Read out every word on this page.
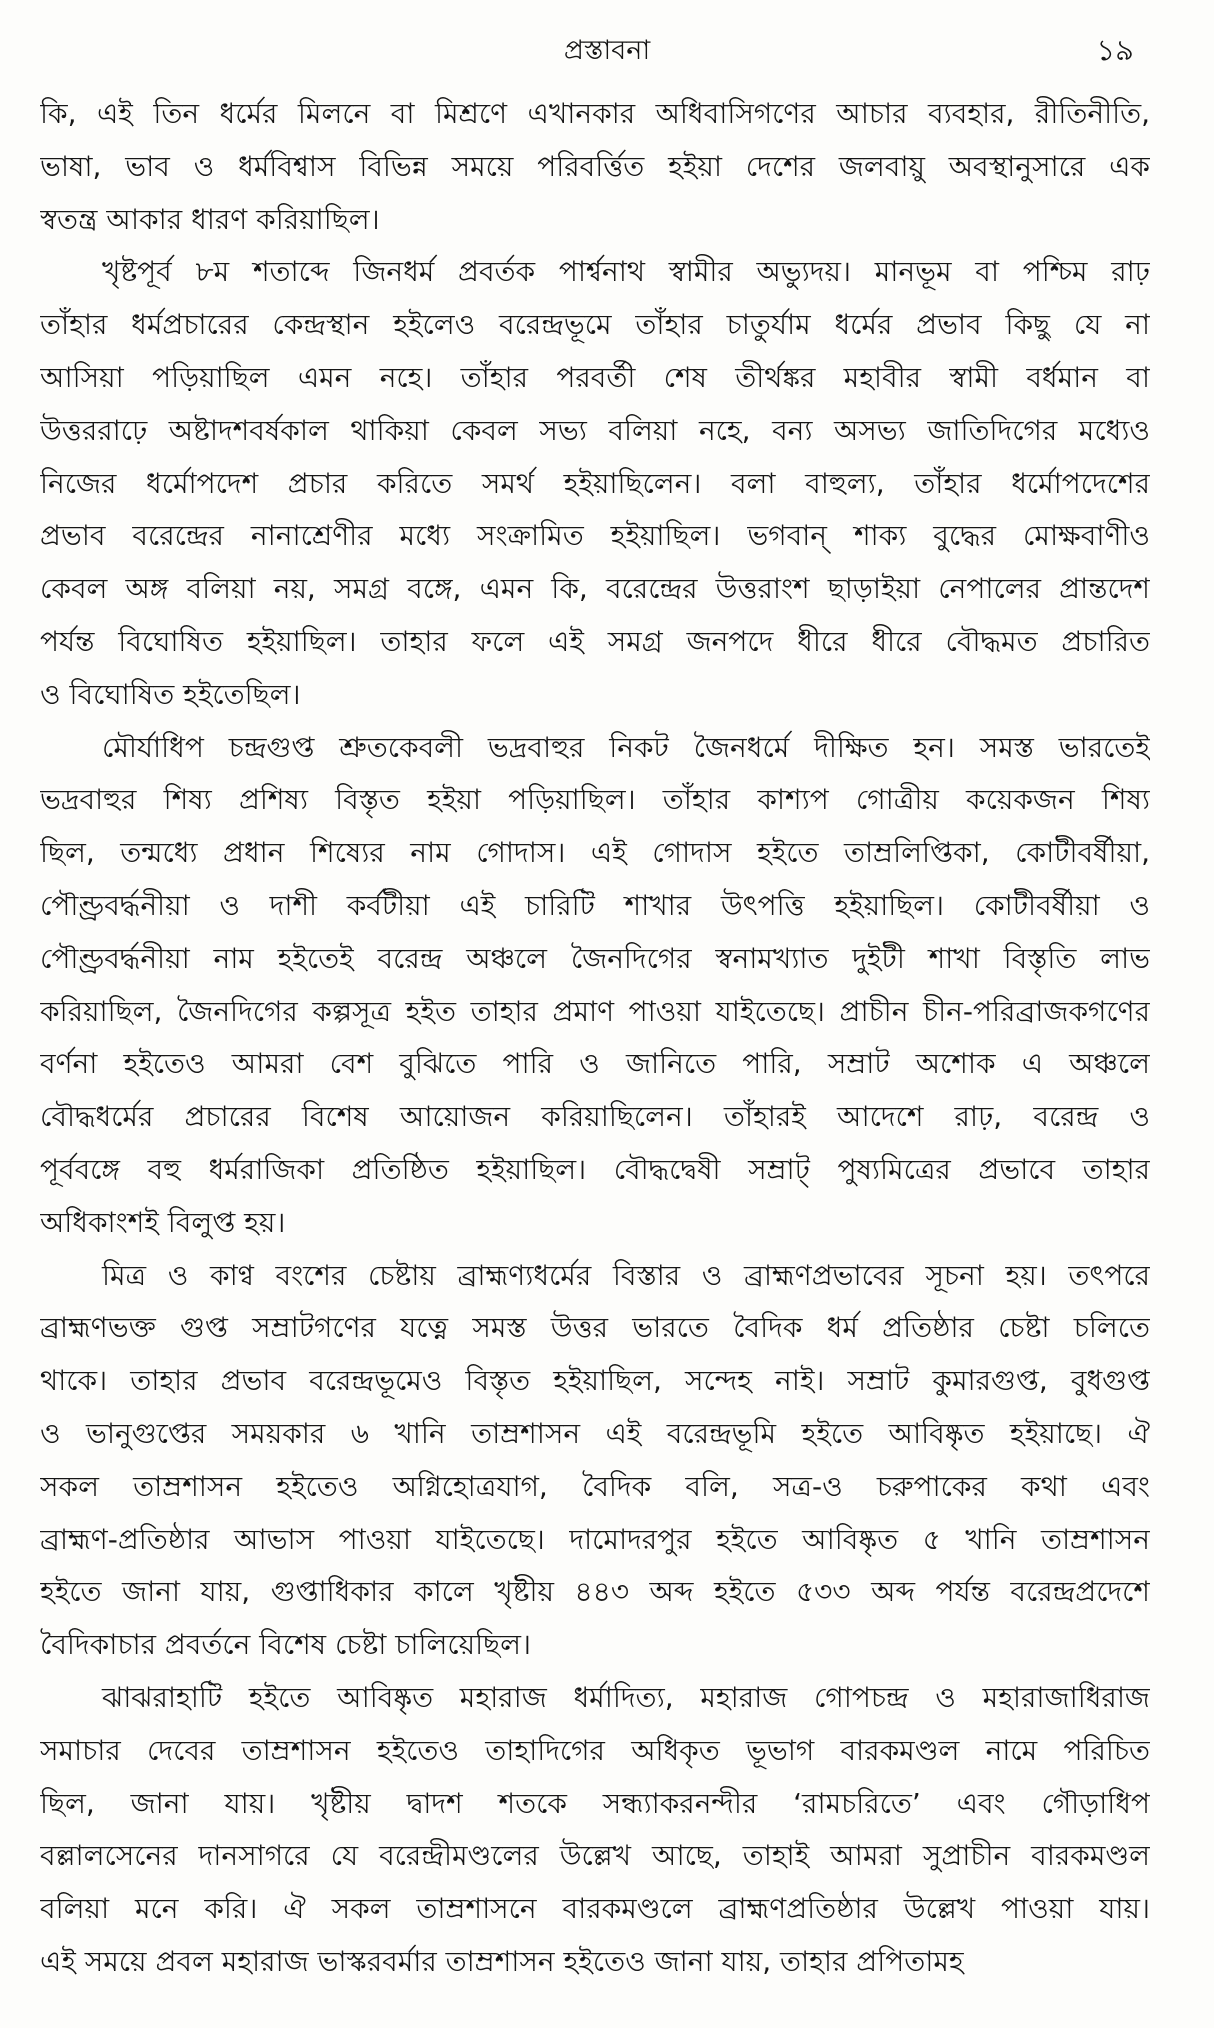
প্রস্তাবনা	১৯
কি, এই তিন ধর্মের মিলনে বা মিশ্রণে এখানকার অধিবাসিগণের আচার ব্যবহার, রীতিনীতি,
ভাষা, ভাব ও ধর্মবিশ্বাস বিভিন্ন সময়ে পরিবর্ত্তিত হইয়া দেশের জলবায়ু অবস্থানুসারে এক
স্বতন্ত্র আকার ধারণ করিয়াছিল।
খৃষ্টপূর্ব ৮ম শতাব্দে জিনধর্ম প্রবর্তক পার্শ্বনাথ স্বামীর অভ্যুদয়। মানভূম বা পশ্চিম রাঢ়
তাঁহার ধর্মপ্রচারের কেন্দ্রস্থান হইলেও বরেন্দ্রভূমে তাঁহার চাতুর্যাম ধর্মের প্রভাব কিছু যে না
আসিয়া পড়িয়াছিল এমন নহে। তাঁহার পরবর্তী শেষ তীর্থঙ্কর মহাবীর স্বামী বর্ধমান বা
উত্তররাঢ়ে অষ্টাদশবর্ষকাল থাকিয়া কেবল সভ্য বলিয়া নহে, বন্য অসভ্য জাতিদিগের মধ্যেও
নিজের ধর্মোপদেশ প্রচার করিতে সমর্থ হইয়াছিলেন। বলা বাহুল্য, তাঁহার ধর্মোপদেশের
প্রভাব বরেন্দ্রের নানাশ্রেণীর মধ্যে সংক্রামিত হইয়াছিল। ভগবান্ শাক্য বুদ্ধের মোক্ষবাণীও
কেবল অঙ্গ বলিয়া নয়, সমগ্র বঙ্গে, এমন কি, বরেন্দ্রের উত্তরাংশ ছাড়াইয়া নেপালের প্রান্তদেশ
পর্যন্ত বিঘোষিত হইয়াছিল। তাহার ফলে এই সমগ্র জনপদে ধীরে ধীরে বৌদ্ধমত প্রচারিত
ও বিঘোষিত হইতেছিল।
মৌর্যাধিপ চন্দ্রগুপ্ত শ্রুতকেবলী ভদ্রবাহুর নিকট জৈনধর্মে দীক্ষিত হন। সমস্ত ভারতেই
ভদ্রবাহুর শিষ্য প্রশিষ্য বিস্তৃত হইয়া পড়িয়াছিল। তাঁহার কাশ্যপ গোত্রীয় কয়েকজন শিষ্য
ছিল, তন্মধ্যে প্রধান শিষ্যের নাম গোদাস। এই গোদাস হইতে তাম্রলিপ্তিকা, কোটীবর্ষীয়া,
পৌণ্ড্রবর্দ্ধনীয়া ও দাশী কর্বটীয়া এই চারিটি শাখার উৎপত্তি হইয়াছিল। কোটীবর্ষীয়া ও
পৌণ্ড্রবর্দ্ধনীয়া নাম হইতেই বরেন্দ্র অঞ্চলে জৈনদিগের স্বনামখ্যাত দুইটী শাখা বিস্তৃতি লাভ
করিয়াছিল, জৈনদিগের কল্পসূত্র হইত তাহার প্রমাণ পাওয়া যাইতেছে। প্রাচীন চীন-পরিব্রাজকগণের
বর্ণনা হইতেও আমরা বেশ বুঝিতে পারি ও জানিতে পারি, সম্রাট অশোক এ অঞ্চলে
বৌদ্ধধর্মের প্রচারের বিশেষ আয়োজন করিয়াছিলেন। তাঁহারই আদেশে রাঢ়, বরেন্দ্র ও
পূর্ববঙ্গে বহু ধর্মরাজিকা প্রতিষ্ঠিত হইয়াছিল। বৌদ্ধদ্বেষী সম্রাট্ পুষ্যমিত্রের প্রভাবে তাহার
অধিকাংশই বিলুপ্ত হয়।
মিত্র ও কাণ্ব বংশের চেষ্টায় ব্রাহ্মণ্যধর্মের বিস্তার ও ব্রাহ্মণপ্রভাবের সূচনা হয়। তৎপরে
ব্রাহ্মণভক্ত গুপ্ত সম্রাটগণের যত্নে সমস্ত উত্তর ভারতে বৈদিক ধর্ম প্রতিষ্ঠার চেষ্টা চলিতে
থাকে। তাহার প্রভাব বরেন্দ্রভূমেও বিস্তৃত হইয়াছিল, সন্দেহ নাই। সম্রাট কুমারগুপ্ত, বুধগুপ্ত
ও ভানুগুপ্তের সময়কার ৬ খানি তাম্রশাসন এই বরেন্দ্রভূমি হইতে আবিষ্কৃত হইয়াছে। ঐ
সকল তাম্রশাসন হইতেও অগ্নিহোত্রযাগ, বৈদিক বলি, সত্র-ও চরুপাকের কথা এবং
ব্রাহ্মণ-প্রতিষ্ঠার আভাস পাওয়া যাইতেছে। দামোদরপুর হইতে আবিষ্কৃত ৫ খানি তাম্রশাসন
হইতে জানা যায়, গুপ্তাধিকার কালে খৃষ্টীয় ৪৪৩ অব্দ হইতে ৫৩৩ অব্দ পর্যন্ত বরেন্দ্রপ্রদেশে
বৈদিকাচার প্রবর্তনে বিশেষ চেষ্টা চালিয়েছিল।
ঝাঝরাহাটি হইতে আবিষ্কৃত মহারাজ ধর্মাদিত্য, মহারাজ গোপচন্দ্র ও মহারাজাধিরাজ
সমাচার দেবের তাম্রশাসন হইতেও তাহাদিগের অধিকৃত ভূভাগ বারকমণ্ডল নামে পরিচিত
ছিল, জানা যায়। খৃষ্টীয় দ্বাদশ শতকে সন্ধ্যাকরনন্দীর ‘রামচরিতে’ এবং গৌড়াধিপ
বল্লালসেনের দানসাগরে যে বরেন্দ্রীমণ্ডলের উল্লেখ আছে, তাহাই আমরা সুপ্রাচীন বারকমণ্ডল
বলিয়া মনে করি। ঐ সকল তাম্রশাসনে বারকমণ্ডলে ব্রাহ্মণপ্রতিষ্ঠার উল্লেখ পাওয়া যায়।
এই সময়ে প্রবল মহারাজ ভাস্করবর্মার তাম্রশাসন হইতেও জানা যায়, তাহার প্রপিতামহ
